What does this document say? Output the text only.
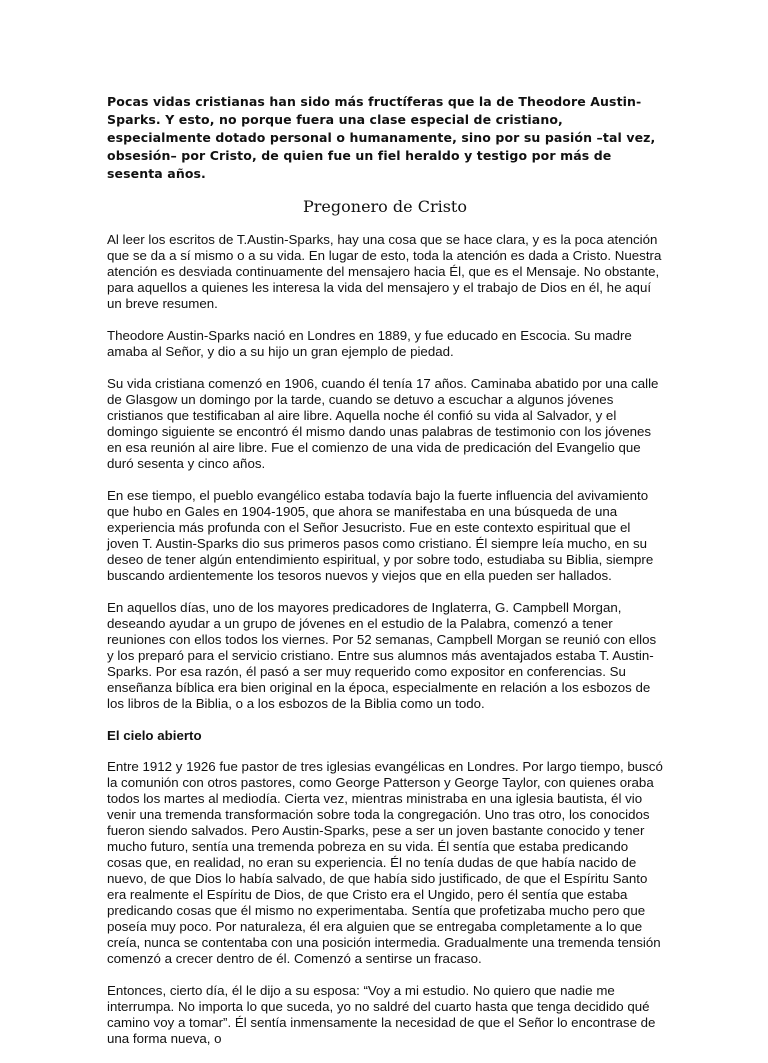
Pocas vidas cristianas han sido más fructíferas que la de Theodore Austin-Sparks. Y esto, no porque fuera una clase especial de cristiano, especialmente dotado personal o humanamente, sino por su pasión –tal vez, obsesión– por Cristo, de quien fue un fiel heraldo y testigo por más de sesenta años.

Pregonero de Cristo

Al leer los escritos de T.Austin-Sparks, hay una cosa que se hace clara, y es la poca atención que se da a sí mismo o a su vida. En lugar de esto, toda la atención es dada a Cristo. Nuestra atención es desviada continuamente del mensajero hacia Él, que es el Mensaje. No obstante, para aquellos a quienes les interesa la vida del mensajero y el trabajo de Dios en él, he aquí un breve resumen.

Theodore Austin-Sparks nació en Londres en 1889, y fue educado en Escocia. Su madre amaba al Señor, y dio a su hijo un gran ejemplo de piedad.

Su vida cristiana comenzó en 1906, cuando él tenía 17 años. Caminaba abatido por una calle de Glasgow un domingo por la tarde, cuando se detuvo a escuchar a algunos jóvenes cristianos que testificaban al aire libre. Aquella noche él confió su vida al Salvador, y el domingo siguiente se encontró él mismo dando unas palabras de testimonio con los jóvenes en esa reunión al aire libre. Fue el comienzo de una vida de predicación del Evangelio que duró sesenta y cinco años.

En ese tiempo, el pueblo evangélico estaba todavía bajo la fuerte influencia del avivamiento que hubo en Gales en 1904-1905, que ahora se manifestaba en una búsqueda de una experiencia más profunda con el Señor Jesucristo. Fue en este contexto espiritual que el joven T. Austin-Sparks dio sus primeros pasos como cristiano. Él siempre leía mucho, en su deseo de tener algún entendimiento espiritual, y por sobre todo, estudiaba su Biblia, siempre buscando ardientemente los tesoros nuevos y viejos que en ella pueden ser hallados.

En aquellos días, uno de los mayores predicadores de Inglaterra, G. Campbell Morgan, deseando ayudar a un grupo de jóvenes en el estudio de la Palabra, comenzó a tener reuniones con ellos todos los viernes. Por 52 semanas, Campbell Morgan se reunió con ellos y los preparó para el servicio cristiano. Entre sus alumnos más aventajados estaba T. Austin-Sparks. Por esa razón, él pasó a ser muy requerido como expositor en conferencias. Su enseñanza bíblica era bien original en la época, especialmente en relación a los esbozos de los libros de la Biblia, o a los esbozos de la Biblia como un todo.

El cielo abierto

Entre 1912 y 1926 fue pastor de tres iglesias evangélicas en Londres. Por largo tiempo, buscó la comunión con otros pastores, como George Patterson y George Taylor, con quienes oraba todos los martes al mediodía. Cierta vez, mientras ministraba en una iglesia bautista, él vio venir una tremenda transformación sobre toda la congregación. Uno tras otro, los conocidos fueron siendo salvados. Pero Austin-Sparks, pese a ser un joven bastante conocido y tener mucho futuro, sentía una tremenda pobreza en su vida. Él sentía que estaba predicando cosas que, en realidad, no eran su experiencia. Él no tenía dudas de que había nacido de nuevo, de que Dios lo había salvado, de que había sido justificado, de que el Espíritu Santo era realmente el Espíritu de Dios, de que Cristo era el Ungido, pero él sentía que estaba predicando cosas que él mismo no experimentaba. Sentía que profetizaba mucho pero que poseía muy poco. Por naturaleza, él era alguien que se entregaba completamente a lo que creía, nunca se contentaba con una posición intermedia. Gradualmente una tremenda tensión comenzó a crecer dentro de él. Comenzó a sentirse un fracaso.

Entonces, cierto día, él le dijo a su esposa: “Voy a mi estudio. No quiero que nadie me interrumpa. No importa lo que suceda, yo no saldré del cuarto hasta que tenga decidido qué camino voy a tomar”. Él sentía inmensamente la necesidad de que el Señor lo encontrase de una forma nueva, o
